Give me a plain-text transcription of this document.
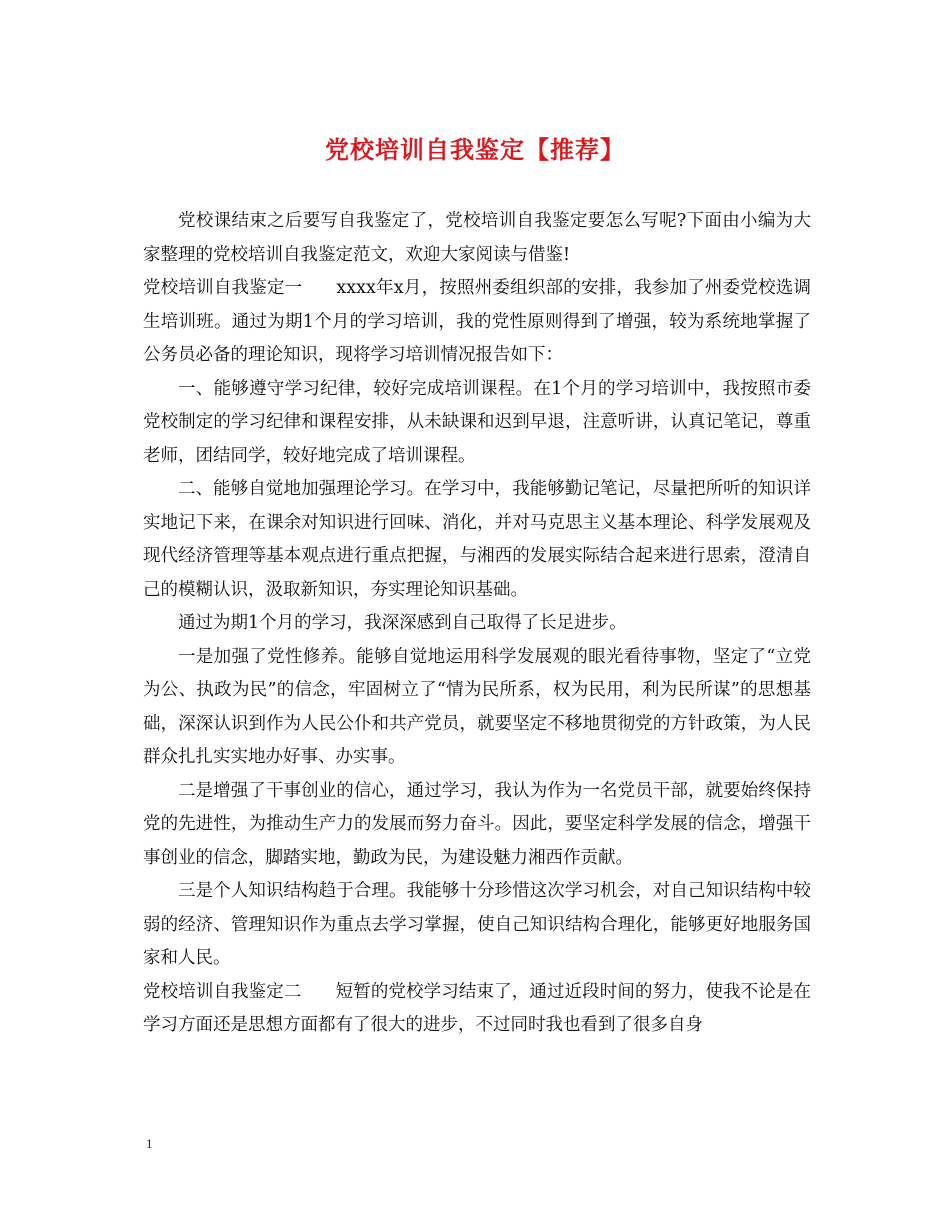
党校培训自我鉴定【推荐】

党校课结束之后要写自我鉴定了，党校培训自我鉴定要怎么写呢?下面由小编为大家整理的党校培训自我鉴定范文，欢迎大家阅读与借鉴!

党校培训自我鉴定一 xxxx年x月，按照州委组织部的安排，我参加了州委党校选调生培训班。通过为期1个月的学习培训，我的党性原则得到了增强，较为系统地掌握了公务员必备的理论知识，现将学习培训情况报告如下：

一、能够遵守学习纪律，较好完成培训课程。在1个月的学习培训中，我按照市委党校制定的学习纪律和课程安排，从未缺课和迟到早退，注意听讲，认真记笔记，尊重老师，团结同学，较好地完成了培训课程。

二、能够自觉地加强理论学习。在学习中，我能够勤记笔记，尽量把所听的知识详实地记下来，在课余对知识进行回味、消化，并对马克思主义基本理论、科学发展观及现代经济管理等基本观点进行重点把握，与湘西的发展实际结合起来进行思索，澄清自己的模糊认识，汲取新知识，夯实理论知识基础。

通过为期1个月的学习，我深深感到自己取得了长足进步。

一是加强了党性修养。能够自觉地运用科学发展观的眼光看待事物，坚定了“立党为公、执政为民”的信念，牢固树立了“情为民所系，权为民用，利为民所谋”的思想基础，深深认识到作为人民公仆和共产党员，就要坚定不移地贯彻党的方针政策，为人民群众扎扎实实地办好事、办实事。

二是增强了干事创业的信心，通过学习，我认为作为一名党员干部，就要始终保持党的先进性，为推动生产力的发展而努力奋斗。因此，要坚定科学发展的信念，增强干事创业的信念，脚踏实地，勤政为民，为建设魅力湘西作贡献。

三是个人知识结构趋于合理。我能够十分珍惜这次学习机会，对自己知识结构中较弱的经济、管理知识作为重点去学习掌握，使自己知识结构合理化，能够更好地服务国家和人民。

党校培训自我鉴定二 短暂的党校学习结束了，通过近段时间的努力，使我不论是在学习方面还是思想方面都有了很大的进步，不过同时我也看到了很多自身

1
